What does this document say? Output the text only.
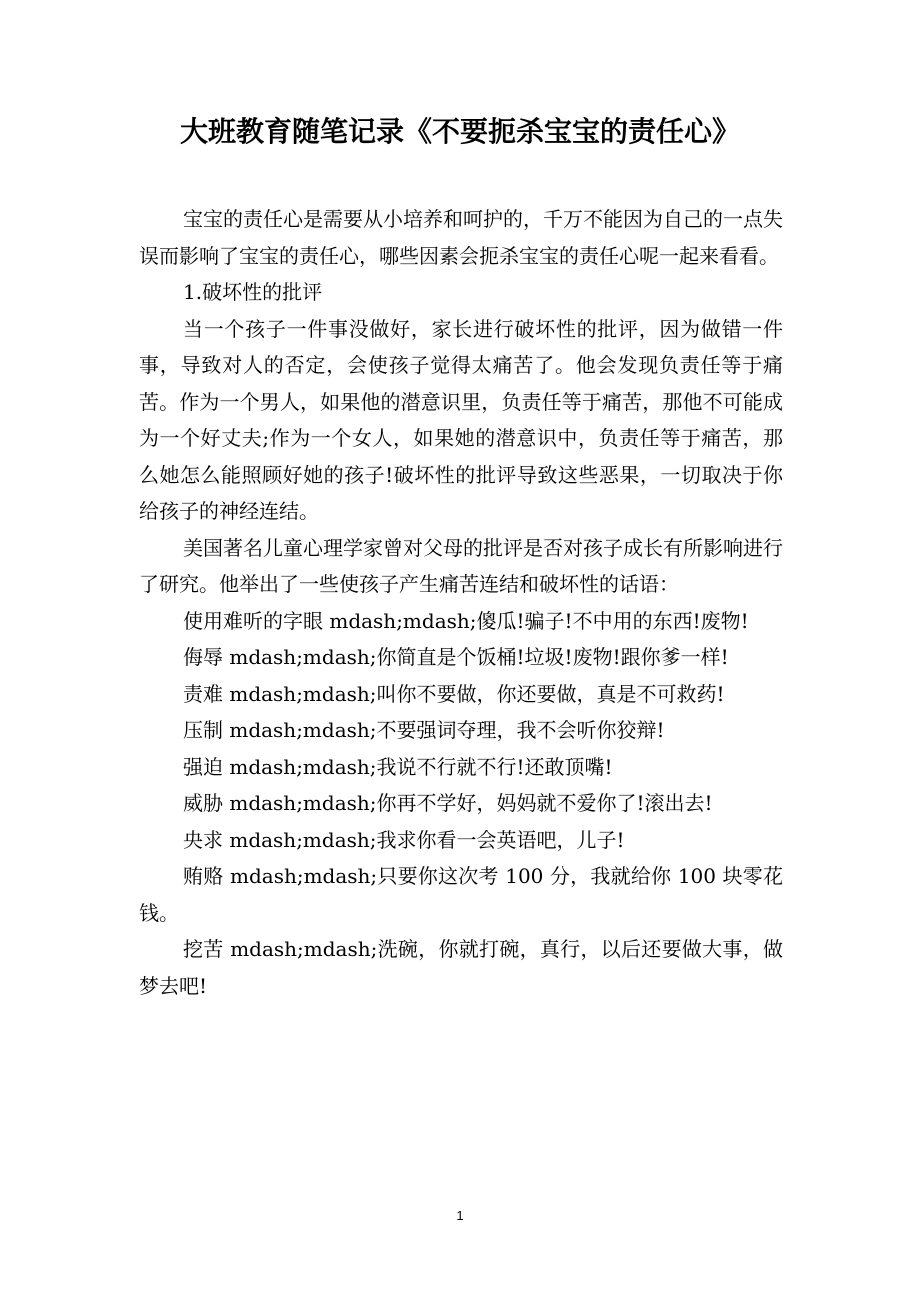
大班教育随笔记录《不要扼杀宝宝的责任心》

宝宝的责任心是需要从小培养和呵护的，千万不能因为自己的一点失误而影响了宝宝的责任心，哪些因素会扼杀宝宝的责任心呢一起来看看。

1.破坏性的批评

当一个孩子一件事没做好，家长进行破坏性的批评，因为做错一件事，导致对人的否定，会使孩子觉得太痛苦了。他会发现负责任等于痛苦。作为一个男人，如果他的潜意识里，负责任等于痛苦，那他不可能成为一个好丈夫;作为一个女人，如果她的潜意识中，负责任等于痛苦，那么她怎么能照顾好她的孩子!破坏性的批评导致这些恶果，一切取决于你给孩子的神经连结。

美国著名儿童心理学家曾对父母的批评是否对孩子成长有所影响进行了研究。他举出了一些使孩子产生痛苦连结和破坏性的话语：

使用难听的字眼 mdash;mdash;傻瓜!骗子!不中用的东西!废物!

侮辱 mdash;mdash;你简直是个饭桶!垃圾!废物!跟你爹一样!

责难 mdash;mdash;叫你不要做，你还要做，真是不可救药!

压制 mdash;mdash;不要强词夺理，我不会听你狡辩!

强迫 mdash;mdash;我说不行就不行!还敢顶嘴!

威胁 mdash;mdash;你再不学好，妈妈就不爱你了!滚出去!

央求 mdash;mdash;我求你看一会英语吧，儿子!

贿赂 mdash;mdash;只要你这次考 100 分，我就给你 100 块零花钱。

挖苦 mdash;mdash;洗碗，你就打碗，真行，以后还要做大事，做梦去吧!

1
